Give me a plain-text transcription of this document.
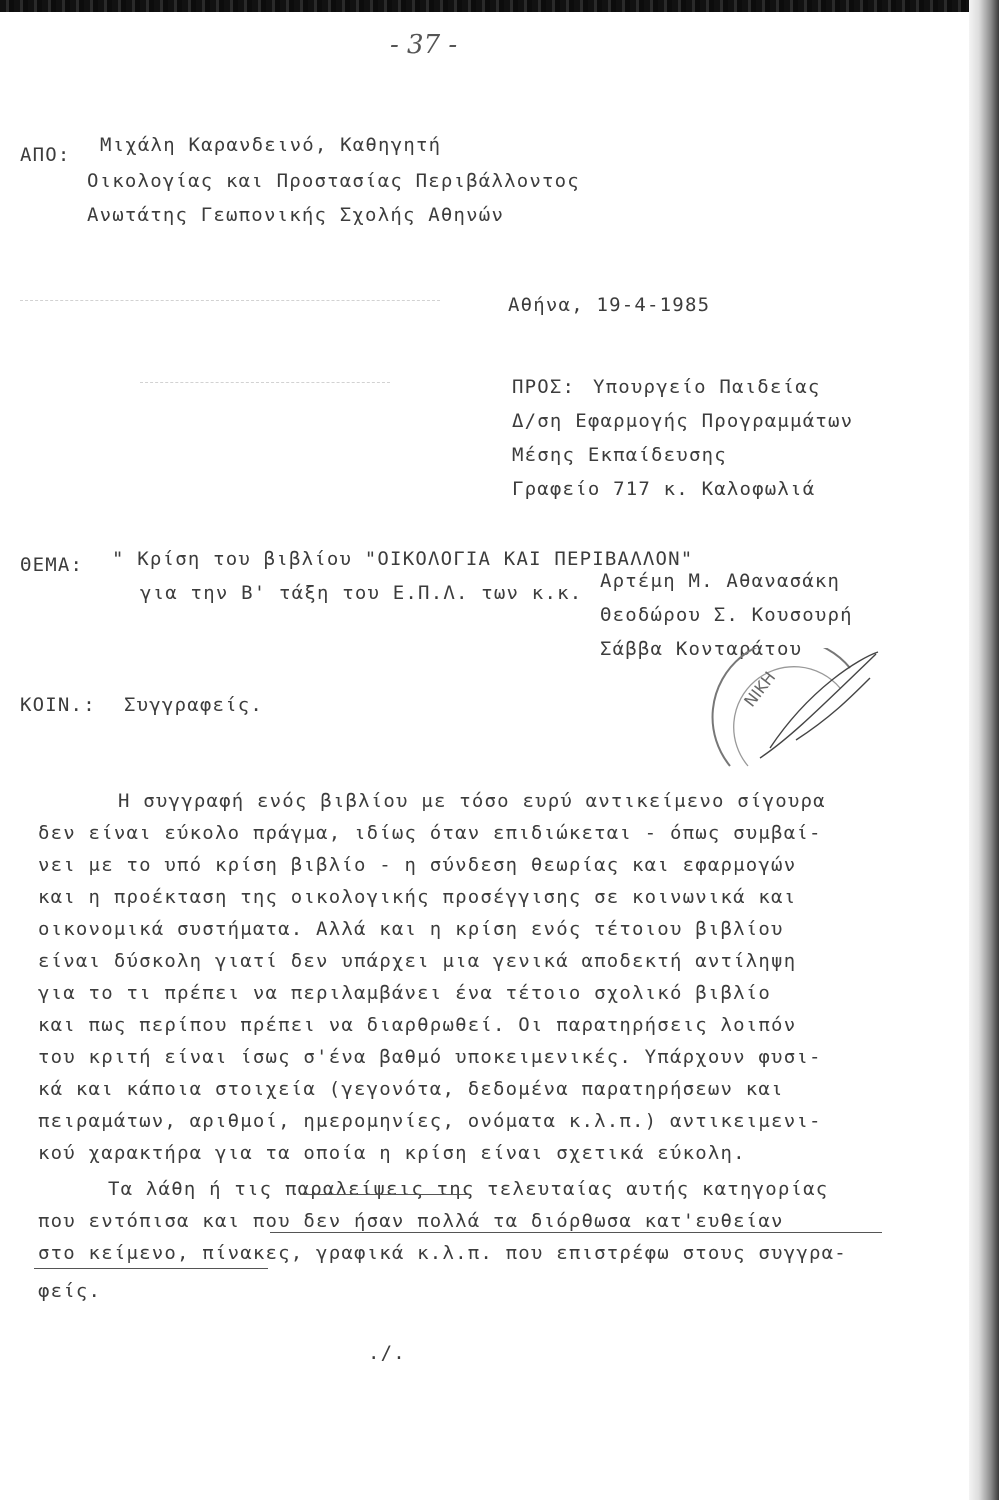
- 37 -
ΑΠΟ: Μιχάλη Καρανδεινό, Καθηγητή
Οικολογίας και Προστασίας Περιβάλλοντος
Ανωτάτης Γεωπονικής Σχολής Αθηνών
Αθήνα, 19-4-1985
ΠΡΟΣ: Υπουργείο Παιδείας
Δ/ση Εφαρμογής Προγραμμάτων
Μέσης Εκπαίδευσης
Γραφείο 717 κ. Καλοφωλιά
ΘΕΜΑ: " Κρίση του βιβλίου "ΟΙΚΟΛΟΓΙΑ ΚΑΙ ΠΕΡΙΒΑΛΛΟΝ"
για την Β' τάξη του Ε.Π.Λ. των κ.κ.
Αρτέμη Μ. Αθανασάκη
Θεοδώρου Σ. Κουσουρή
Σάββα Κονταράτου
ΚΟΙΝ.: Συγγραφείς.	ΝΙΚΗ
Η συγγραφή ενός βιβλίου με τόσο ευρύ αντικείμενο σίγουρα
δεν είναι εύκολο πράγμα, ιδίως όταν επιδιώκεται - όπως συμβαί-
νει με το υπό κρίση βιβλίο - η σύνδεση θεωρίας και εφαρμογών
και η προέκταση της οικολογικής προσέγγισης σε κοινωνικά και
οικονομικά συστήματα. Αλλά και η κρίση ενός τέτοιου βιβλίου
είναι δύσκολη γιατί δεν υπάρχει μια γενικά αποδεκτή αντίληψη
για το τι πρέπει να περιλαμβάνει ένα τέτοιο σχολικό βιβλίο
και πως περίπου πρέπει να διαρθρωθεί. Οι παρατηρήσεις λοιπόν
του κριτή είναι ίσως σ'ένα βαθμό υποκειμενικές. Υπάρχουν φυσι-
κά και κάποια στοιχεία (γεγονότα, δεδομένα παρατηρήσεων και
πειραμάτων, αριθμοί, ημερομηνίες, ονόματα κ.λ.π.) αντικειμενι-
κού χαρακτήρα για τα οποία η κρίση είναι σχετικά εύκολη.
Τα λάθη ή τις παραλείψεις της τελευταίας αυτής κατηγορίας
που εντόπισα και που δεν ήσαν πολλά τα διόρθωσα κατ'ευθείαν
στο κείμενο, πίνακες, γραφικά κ.λ.π. που επιστρέφω στους συγγρα-
φείς.
./.
